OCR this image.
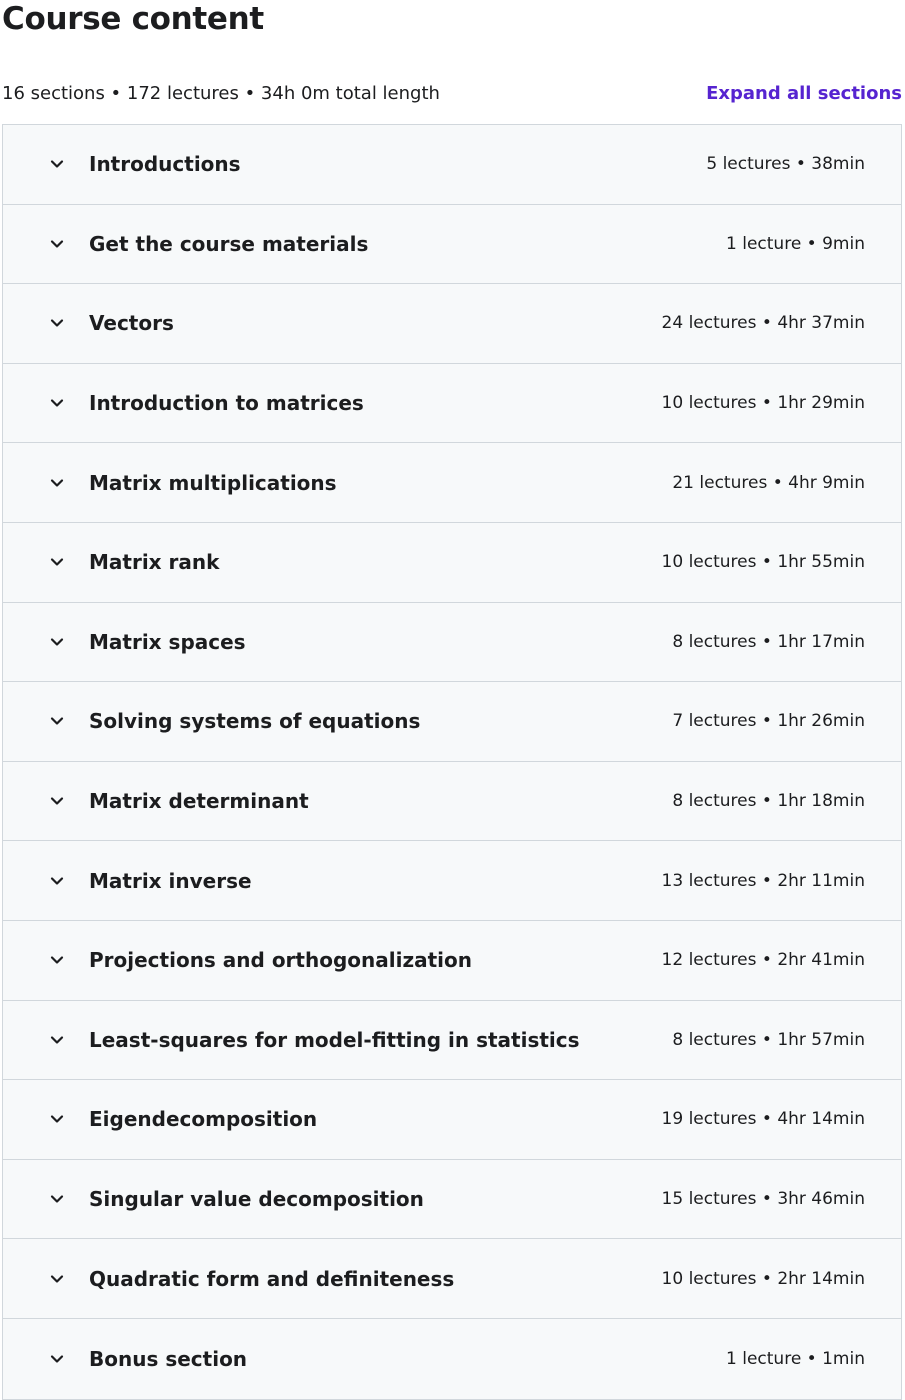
Course content
16 sections • 172 lectures • 34h 0m total length	Expand all sections
Introductions	5 lectures • 38min
Get the course materials	1 lecture • 9min
Vectors	24 lectures • 4hr 37min
Introduction to matrices	10 lectures • 1hr 29min
Matrix multiplications	21 lectures • 4hr 9min
Matrix rank	10 lectures • 1hr 55min
Matrix spaces	8 lectures • 1hr 17min
Solving systems of equations	7 lectures • 1hr 26min
Matrix determinant	8 lectures • 1hr 18min
Matrix inverse	13 lectures • 2hr 11min
Projections and orthogonalization	12 lectures • 2hr 41min
Least-squares for model-fitting in statistics	8 lectures • 1hr 57min
Eigendecomposition	19 lectures • 4hr 14min
Singular value decomposition	15 lectures • 3hr 46min
Quadratic form and definiteness	10 lectures • 2hr 14min
Bonus section	1 lecture • 1min
